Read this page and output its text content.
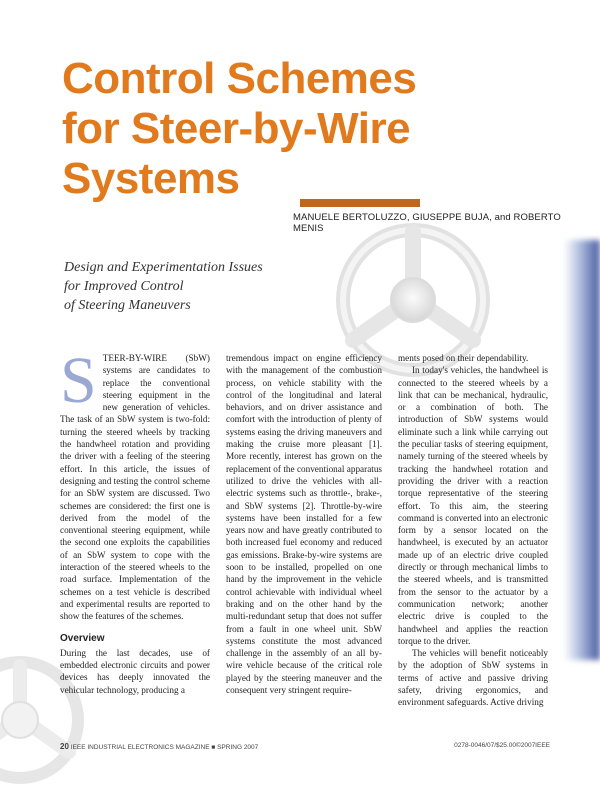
Control Schemes
for Steer-by-Wire
Systems
MANUELE BERTOLUZZO, GIUSEPPE BUJA, and ROBERTO MENIS
Design and Experimentation Issues
for Improved Control
of Steering Maneuvers
S TEER-BY-WIRE (SbW) systems are candidates to replace the conventional steering equipment in the new generation of vehicles. The task of an SbW system is two-fold: turning the steered wheels by tracking the handwheel rotation and providing the driver with a feeling of the steering effort. In this article, the issues of designing and testing the control scheme for an SbW system are discussed. Two schemes are considered: the first one is derived from the model of the conventional steering equipment, while the second one exploits the capabilities of an SbW system to cope with the interaction of the steered wheels to the road surface. Implementation of the schemes on a test vehicle is described and experimental results are reported to show the features of the schemes.

Overview

During the last decades, use of embedded electronic circuits and power devices has deeply innovated the vehicular technology, producing a

tremendous impact on engine efficiency with the management of the combustion process, on vehicle stability with the control of the longitudinal and lateral behaviors, and on driver assistance and comfort with the introduction of plenty of systems easing the driving maneuvers and making the cruise more pleasant [1]. More recently, interest has grown on the replacement of the conventional apparatus utilized to drive the vehicles with all-electric systems such as throttle-, brake-, and SbW systems [2]. Throttle-by-wire systems have been installed for a few years now and have greatly contributed to both increased fuel economy and reduced gas emissions. Brake-by-wire systems are soon to be installed, propelled on one hand by the improvement in the vehicle control achievable with individual wheel braking and on the other hand by the multi-redundant setup that does not suffer from a fault in one wheel unit. SbW systems constitute the most advanced challenge in the assembly of an all by-wire vehicle because of the critical role played by the steering maneuver and the consequent very stringent require-

ments posed on their dependability.

In today's vehicles, the handwheel is connected to the steered wheels by a link that can be mechanical, hydraulic, or a combination of both. The introduction of SbW systems would eliminate such a link while carrying out the peculiar tasks of steering equipment, namely turning of the steered wheels by tracking the handwheel rotation and providing the driver with a reaction torque representative of the steering effort. To this aim, the steering command is converted into an electronic form by a sensor located on the handwheel, is executed by an actuator made up of an electric drive coupled directly or through mechanical limbs to the steered wheels, and is transmitted from the sensor to the actuator by a communication network; another electric drive is coupled to the handwheel and applies the reaction torque to the driver.

The vehicles will benefit noticeably by the adoption of SbW systems in terms of active and passive driving safety, driving ergonomics, and environment safeguards. Active driving

20 IEEE INDUSTRIAL ELECTRONICS MAGAZINE ■ SPRING 2007	0278-0046/07/$25.00©2007IEEE
